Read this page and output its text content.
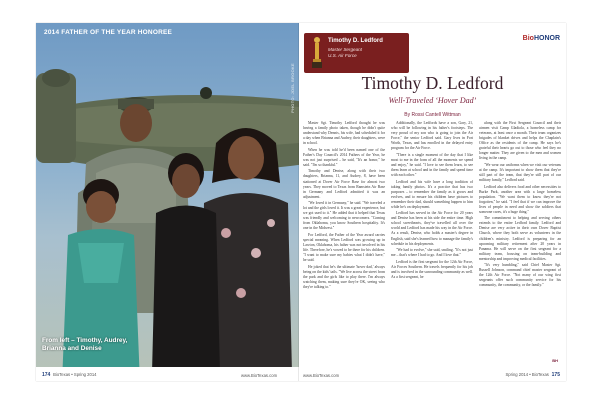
2014 FATHER OF THE YEAR HONOREE
PHOTO: JOEL BROOKE
From left – Timothy, Audrey,
Brianna and Denise
174 BioTexas • Spring 2014	www.BioTexas.com
Timothy D. Ledford
Master Sergeant
U.S. Air Force
BioHONOR
Timothy D. Ledford
Well-Traveled ‘Hover Dad’
By Rossi Cantell Wittman

Master Sgt. Timothy Ledford thought he was having a family photo taken, though he didn't quite understand why Dennis, his wife, had scheduled it for a day when Brianna and Audrey, their daughters, were in school.

When he was told he'd been named one of the Father's Day Council's 2014 Fathers of the Year, he was not just surprised – he said, "It's an honor," he said. "I'm so thankful."

Timothy and Denise, along with their two daughters, Brianna, 11, and Audrey, 8, have been stationed at Dover Air Force Base for almost two years. They moved to Texas from Ramstein Air Base in Germany and Ledford admitted it was an adjustment.

"We loved it in Germany," he said. "We traveled a lot and the girls loved it. It was a great experience, but we got used to it." He added that it helped that Texas was friendly and welcoming to newcomers. "Coming from Oklahoma, you know Southern hospitality. It's one in the Midwest."

For Ledford, the Father of the Year award carries special meaning. When Ledford was growing up in Lawton, Oklahoma, his father was not involved in his life. Therefore, he's vowed to be there for his children. "I want to make sure my babies what I didn't have," he said.

He joked that he's the ultimate 'hover dad,' always being on the kids' tails. "We live across the street from the park and the girls like to play there. I'm always watching them, making sure they're OK, seeing who they're talking to."

Additionally, the Ledfords have a son, Gary, 21, who will be following in his father's footsteps. The very proud of my son who is going to join the Air Force," the senior Ledford said. Gary lives in Fort Worth, Texas, and has enrolled in the delayed entry program for the Air Force.

"There is a single moment of the day that I like most to me in the form of all the moments we spend and enjoy," he said. "I love to see them learn, to see them learn at school and in the family and spend time with each other."

Ledford and his wife have a long tradition of taking family photos. It's a practice that has two purposes – to remember the family as it grows and evolves, and to ensure his children have pictures to remember their dad, should something happen to him while he's on deployment.

Ledford has served in the Air Force for 20 years and Denise has been at his side the entire time. High school sweethearts, they've travelled all over the world and Ledford has made his way in the Air Force. As a result, Denise, who holds a master's degree in English, said she's learned how to manage the family's schedule in his deployments.

"We had to evolve," she said, smiling. "It's not just me – that's where I had to go. And I love that."

Ledford is the first sergeant for the 12th Air Force, Air Forces Southern. He travels frequently for his job and is involved in the surrounding community as well. As a first sergeant, he

along with the First Sergeant Council and their airmen visit Camp Gladiola, a homeless camp for veterans, at least once a month. Their team organizes brigades of blanket drives and helps the Chaplain's Office as the residents of the camp. He says he's grateful their hearts go out to those who feel they no longer matter. They are given to the men and women living in the camp.

"We wear our uniforms when we visit our veterans at the camp. It's important to show them that they're still part of the team, that they're still part of our military family," Ledford said.

Ledford also delivers food and other necessities to Burke Park, another area with a large homeless population. "We want them to know they're not forgotten," he said. "I feel that if we can improve the lives of people in need and show the soldiers that someone cares, it's a huge thing."

The commitment to helping and serving others extends to the entire Ledford family. Ledford and Denise are very active in their own Dover Baptist Church, where they both serve as volunteers in the children's ministry. Ledford is preparing for an upcoming military retirement after 20 years in Panama. He will serve on the first sergeant for a military team, focusing on team-building and mentorship and improving medical facilities.

"It's very humbling," said Chief Master Sgt. Russell Johnson, command chief master sergeant of the 12th Air Force. "Not many of our wing first sergeants offer such community service for his community, the community, or the family."

BH
www.BioTexas.com	Spring 2014 • BioTexas 175
